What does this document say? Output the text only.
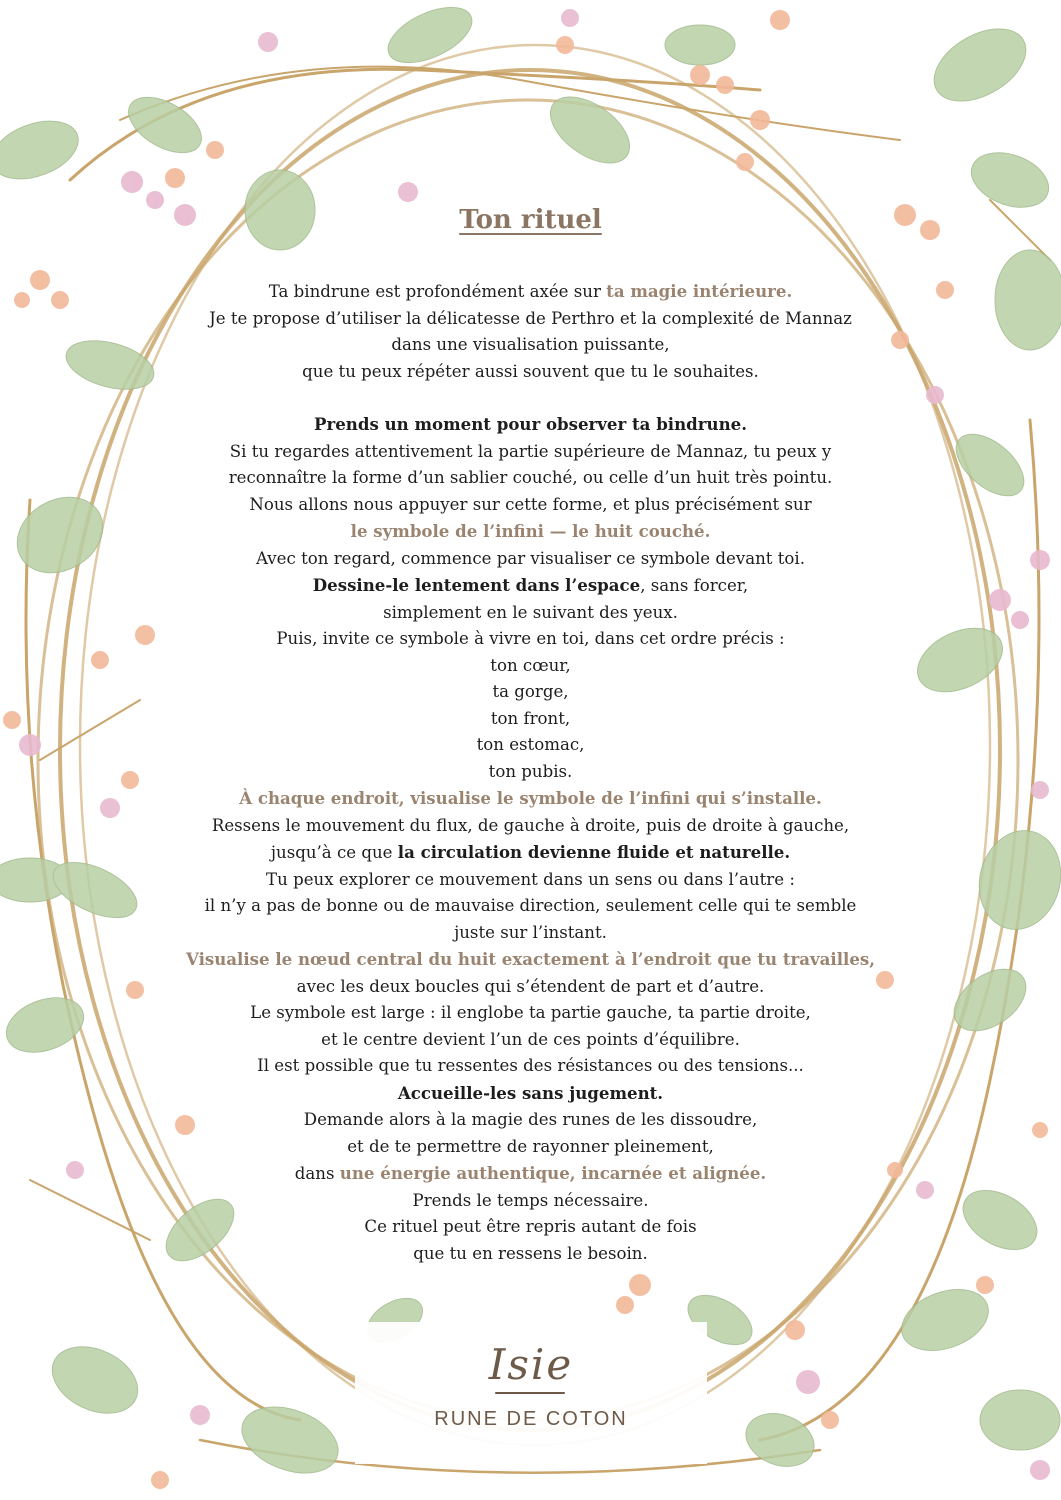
Ton rituel

Ta bindrune est profondément axée sur ta magie intérieure.
Je te propose d’utiliser la délicatesse de Perthro et la complexité de Mannaz
dans une visualisation puissante,
que tu peux répéter aussi souvent que tu le souhaites.

Prends un moment pour observer ta bindrune.
Si tu regardes attentivement la partie supérieure de Mannaz, tu peux y
reconnaître la forme d’un sablier couché, ou celle d’un huit très pointu.
Nous allons nous appuyer sur cette forme, et plus précisément sur
le symbole de l’infini — le huit couché.
Avec ton regard, commence par visualiser ce symbole devant toi.
Dessine-le lentement dans l’espace, sans forcer,
simplement en le suivant des yeux.
Puis, invite ce symbole à vivre en toi, dans cet ordre précis :
ton cœur,
ta gorge,
ton front,
ton estomac,
ton pubis.
À chaque endroit, visualise le symbole de l’infini qui s’installe.
Ressens le mouvement du flux, de gauche à droite, puis de droite à gauche,
jusqu’à ce que la circulation devienne fluide et naturelle.
Tu peux explorer ce mouvement dans un sens ou dans l’autre :
il n’y a pas de bonne ou de mauvaise direction, seulement celle qui te semble
juste sur l’instant.
Visualise le nœud central du huit exactement à l’endroit que tu travailles,
avec les deux boucles qui s’étendent de part et d’autre.
Le symbole est large : il englobe ta partie gauche, ta partie droite,
et le centre devient l’un de ces points d’équilibre.
Il est possible que tu ressentes des résistances ou des tensions...
Accueille-les sans jugement.
Demande alors à la magie des runes de les dissoudre,
et de te permettre de rayonner pleinement,
dans une énergie authentique, incarnée et alignée.
Prends le temps nécessaire.
Ce rituel peut être repris autant de fois
que tu en ressens le besoin.

Isie
RUNE DE COTON
